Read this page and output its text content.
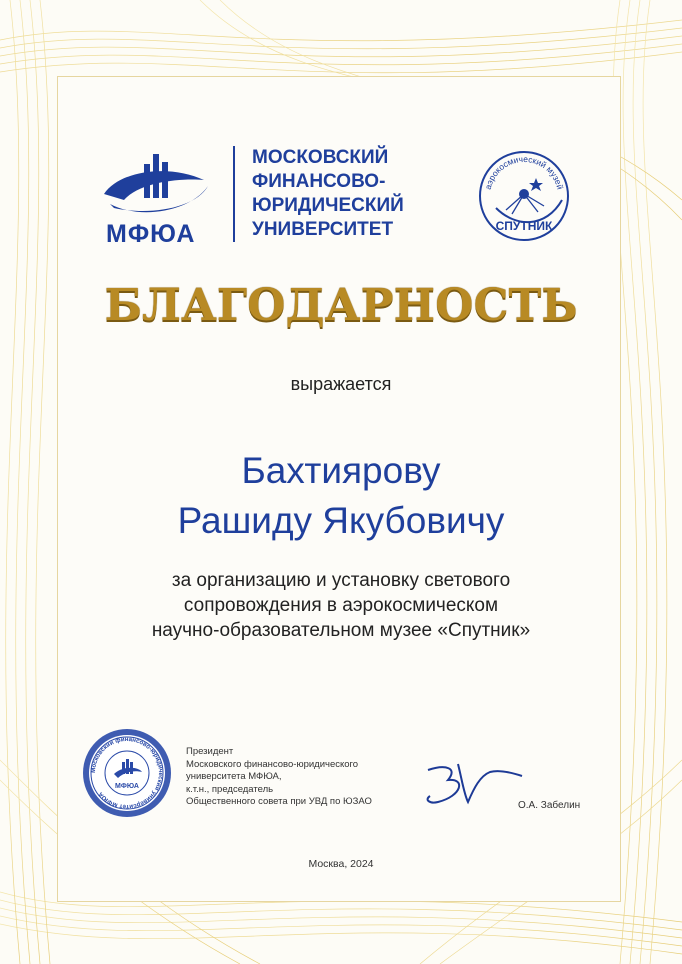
МФЮА
МОСКОВСКИЙ
ФИНАНСОВО-
ЮРИДИЧЕСКИЙ
УНИВЕРСИТЕТ
аэрокосмический музей
СПУТНИК
БЛАГОДАРНОСТЬ
выражается
Бахтиярову
Рашиду Якубовичу
за организацию и установку светового
сопровождения в аэрокосмическом
научно-образовательном музее «Спутник»
Московский финансово-юридический университет МФЮА
МФЮА
Президент
Московского финансово-юридического
университета МФЮА,
к.т.н., председатель
Общественного совета при УВД по ЮЗАО	О.А. Забелин
Москва, 2024
